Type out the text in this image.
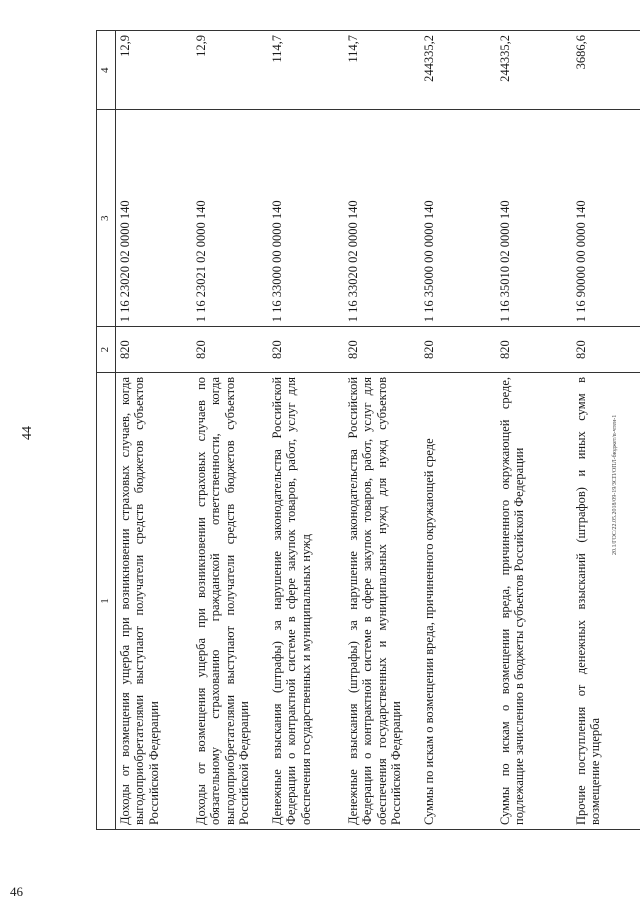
44	20.1/ГОС/22.05.2018/09-19/ЗСП/ОПЛ-бюджет/в-чтен-1
46
1	2	3	4
Доходы от возмещения ущерба при возникновении страховых случаев, когда выгодоприобретателями выступают получатели средств бюджетов субъектов Российской Федерации	820	1 16 23020 02 0000 140	12,9
Доходы от возмещения ущерба при возникновении страховых случаев по обязательному страхованию гражданской ответственности, когда выгодоприобретателями выступают получатели средств бюджетов субъектов Российской Федерации	820	1 16 23021 02 0000 140	12,9
Денежные взыскания (штрафы) за нарушение законодательства Российской Федерации о контрактной системе в сфере закупок товаров, работ, услуг для обеспечения государственных и муниципальных нужд	820	1 16 33000 00 0000 140	114,7
Денежные взыскания (штрафы) за нарушение законодательства Российской Федерации о контрактной системе в сфере закупок товаров, работ, услуг для обеспечения государственных и муниципальных нужд для нужд субъектов Российской Федерации	820	1 16 33020 02 0000 140	114,7
Суммы по искам о возмещении вреда, причиненного окружающей среде	820	1 16 35000 00 0000 140	244335,2
Суммы по искам о возмещении вреда, причиненного окружающей среде, подлежащие зачислению в бюджеты субъектов Российской Федерации	820	1 16 35010 02 0000 140	244335,2
Прочие поступления от денежных взысканий (штрафов) и иных сумм в возмещение ущерба	820	1 16 90000 00 0000 140	3686,6
